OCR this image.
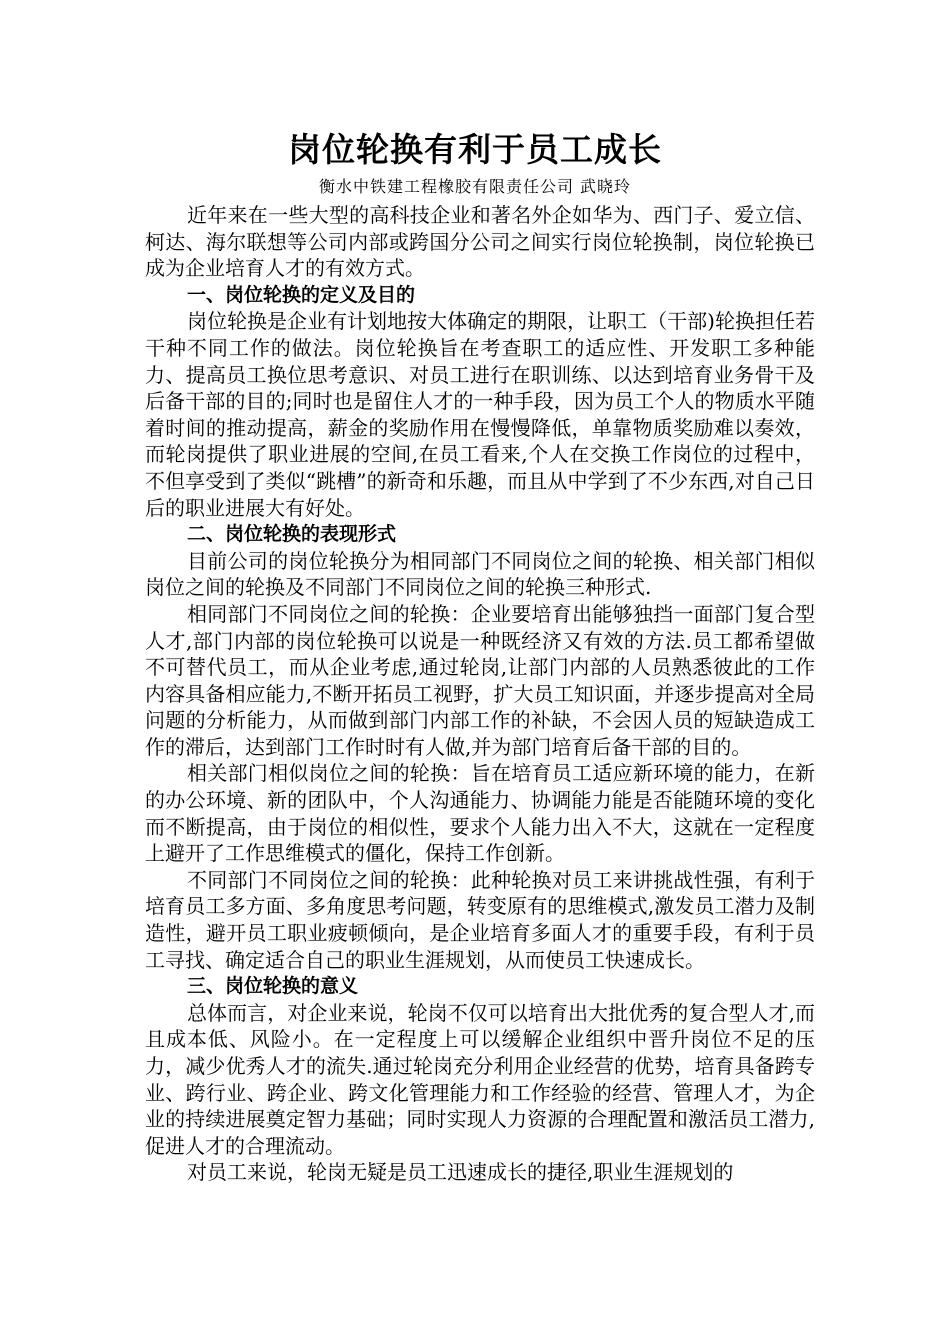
岗位轮换有利于员工成长
衡水中铁建工程橡胶有限责任公司 武晓玲

近年来在一些大型的高科技企业和著名外企如华为、西门子、爱立信、柯达、海尔联想等公司内部或跨国分公司之间实行岗位轮换制，岗位轮换已成为企业培育人才的有效方式。

一、岗位轮换的定义及目的

岗位轮换是企业有计划地按大体确定的期限，让职工（干部)轮换担任若干种不同工作的做法。岗位轮换旨在考查职工的适应性、开发职工多种能力、提高员工换位思考意识、对员工进行在职训练、以达到培育业务骨干及后备干部的目的;同时也是留住人才的一种手段，因为员工个人的物质水平随着时间的推动提高，薪金的奖励作用在慢慢降低，单靠物质奖励难以奏效，而轮岗提供了职业进展的空间,在员工看来,个人在交换工作岗位的过程中，不但享受到了类似“跳槽”的新奇和乐趣，而且从中学到了不少东西,对自己日后的职业进展大有好处。

二、岗位轮换的表现形式

目前公司的岗位轮换分为相同部门不同岗位之间的轮换、相关部门相似岗位之间的轮换及不同部门不同岗位之间的轮换三种形式.

相同部门不同岗位之间的轮换：企业要培育出能够独挡一面部门复合型人才,部门内部的岗位轮换可以说是一种既经济又有效的方法.员工都希望做不可替代员工，而从企业考虑,通过轮岗,让部门内部的人员熟悉彼此的工作内容具备相应能力,不断开拓员工视野，扩大员工知识面，并逐步提高对全局问题的分析能力，从而做到部门内部工作的补缺，不会因人员的短缺造成工作的滞后，达到部门工作时时有人做,并为部门培育后备干部的目的。

相关部门相似岗位之间的轮换：旨在培育员工适应新环境的能力，在新的办公环境、新的团队中，个人沟通能力、协调能力能是否能随环境的变化而不断提高，由于岗位的相似性，要求个人能力出入不大，这就在一定程度上避开了工作思维模式的僵化，保持工作创新。

不同部门不同岗位之间的轮换：此种轮换对员工来讲挑战性强，有利于培育员工多方面、多角度思考问题，转变原有的思维模式,激发员工潜力及制造性，避开员工职业疲顿倾向，是企业培育多面人才的重要手段，有利于员工寻找、确定适合自己的职业生涯规划，从而使员工快速成长。

三、岗位轮换的意义

总体而言，对企业来说，轮岗不仅可以培育出大批优秀的复合型人才,而且成本低、风险小。在一定程度上可以缓解企业组织中晋升岗位不足的压力，减少优秀人才的流失.通过轮岗充分利用企业经营的优势，培育具备跨专业、跨行业、跨企业、跨文化管理能力和工作经验的经营、管理人才，为企业的持续进展奠定智力基础；同时实现人力资源的合理配置和激活员工潜力,促进人才的合理流动。

对员工来说，轮岗无疑是员工迅速成长的捷径,职业生涯规划的
